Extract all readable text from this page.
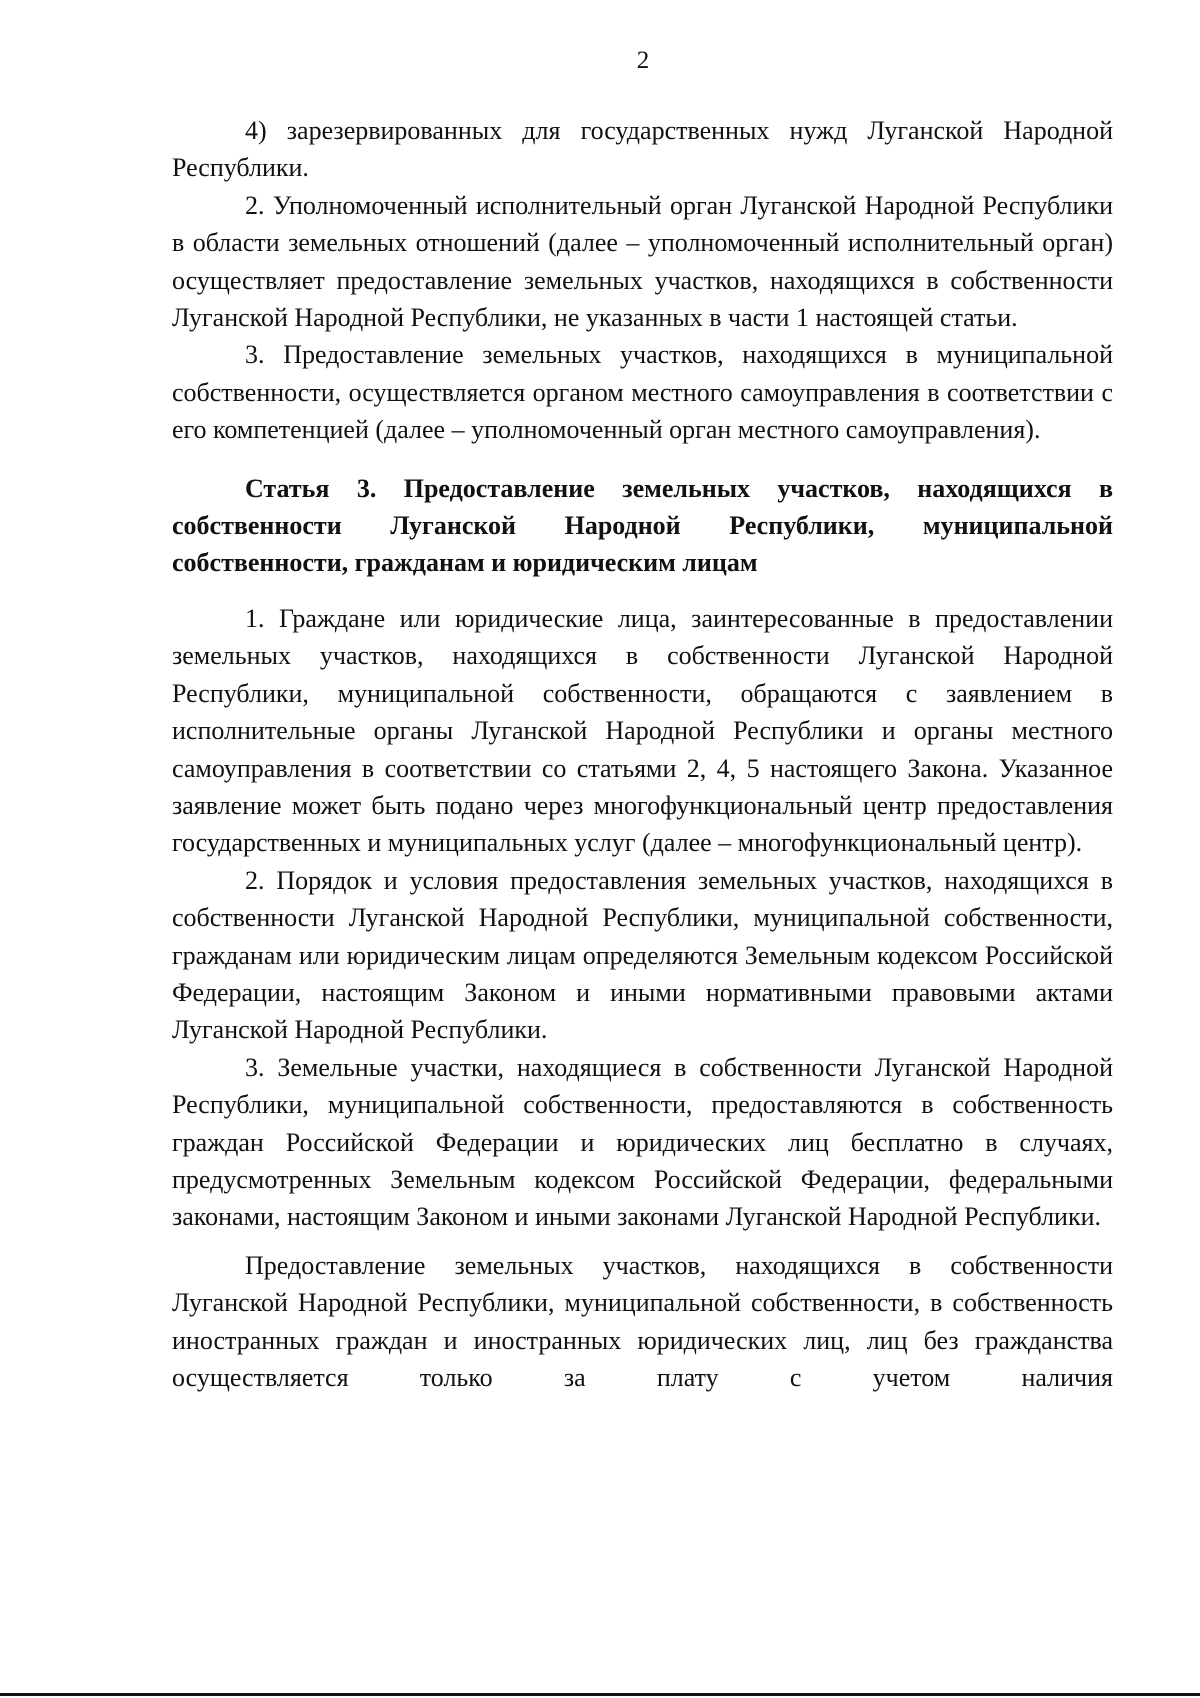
2

4) зарезервированных для государственных нужд Луганской Народной Республики.

2. Уполномоченный исполнительный орган Луганской Народной Республики в области земельных отношений (далее – уполномоченный исполнительный орган) осуществляет предоставление земельных участков, находящихся в собственности Луганской Народной Республики, не указанных в части 1 настоящей статьи.

3. Предоставление земельных участков, находящихся в муниципальной собственности, осуществляется органом местного самоуправления в соответствии с его компетенцией (далее – уполномоченный орган местного самоуправления).

Статья 3. Предоставление земельных участков, находящихся в собственности Луганской Народной Республики, муниципальной собственности, гражданам и юридическим лицам

1. Граждане или юридические лица, заинтересованные в предоставлении земельных участков, находящихся в собственности Луганской Народной Республики, муниципальной собственности, обращаются с заявлением в исполнительные органы Луганской Народной Республики и органы местного самоуправления в соответствии со статьями 2, 4, 5 настоящего Закона. Указанное заявление может быть подано через многофункциональный центр предоставления государственных и муниципальных услуг (далее – многофункциональный центр).

2. Порядок и условия предоставления земельных участков, находящихся в собственности Луганской Народной Республики, муниципальной собственности, гражданам или юридическим лицам определяются Земельным кодексом Российской Федерации, настоящим Законом и иными нормативными правовыми актами Луганской Народной Республики.

3. Земельные участки, находящиеся в собственности Луганской Народной Республики, муниципальной собственности, предоставляются в собственность граждан Российской Федерации и юридических лиц бесплатно в случаях, предусмотренных Земельным кодексом Российской Федерации, федеральными законами, настоящим Законом и иными законами Луганской Народной Республики.

Предоставление земельных участков, находящихся в собственности Луганской Народной Республики, муниципальной собственности, в собственность иностранных граждан и иностранных юридических лиц, лиц без гражданства осуществляется только за плату с учетом наличия
